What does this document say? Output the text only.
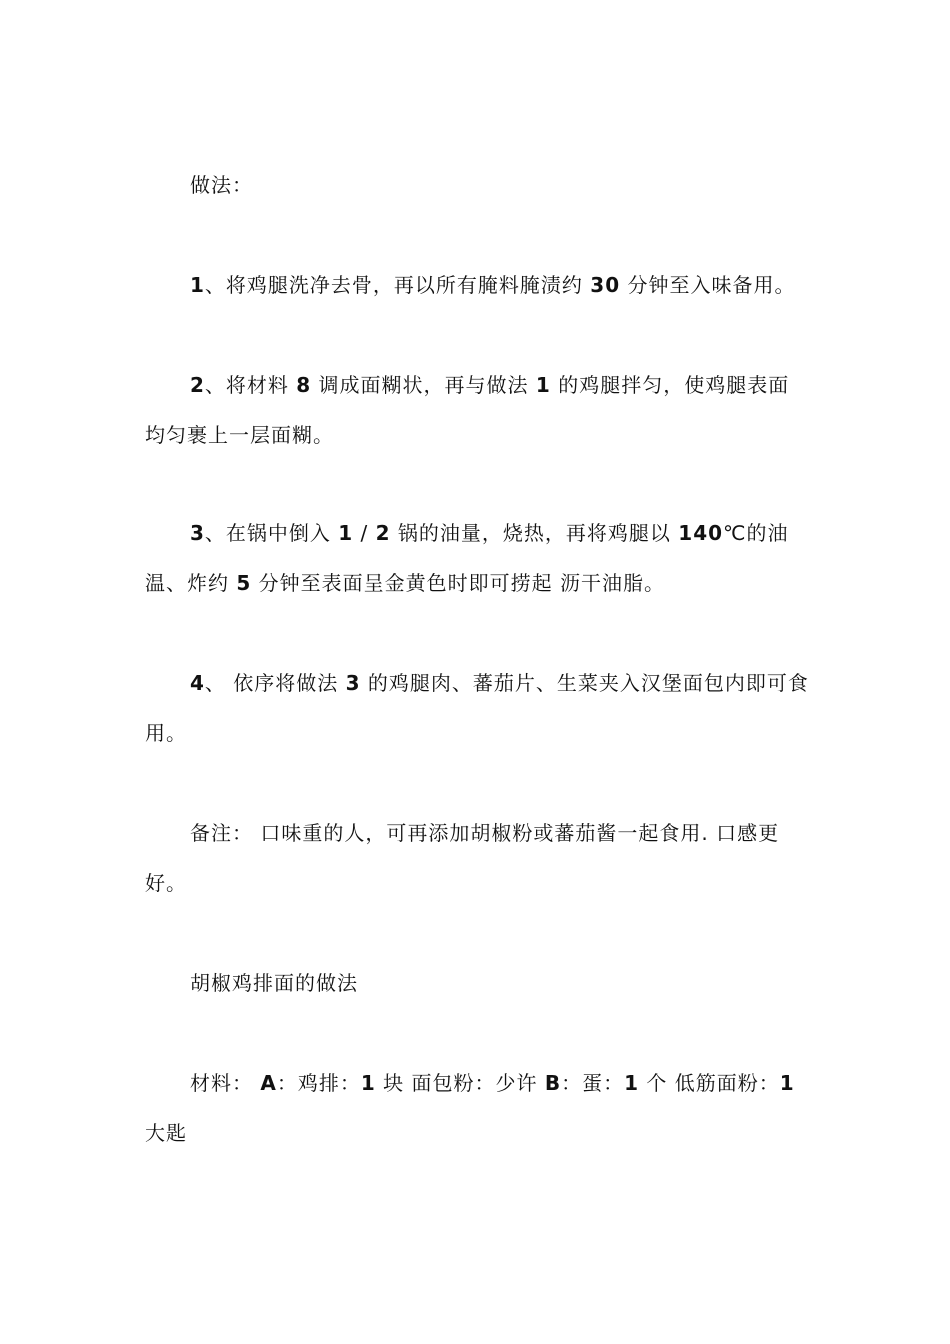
做法：

1、将鸡腿洗净去骨，再以所有腌料腌渍约 30 分钟至入味备用。

2、将材料 8 调成面糊状，再与做法 1 的鸡腿拌匀，使鸡腿表面均匀裹上一层面糊。

3、在锅中倒入 1 / 2 锅的油量，烧热，再将鸡腿以 140℃的油温、炸约 5 分钟至表面呈金黄色时即可捞起 沥干油脂。

4、 依序将做法 3 的鸡腿肉、蕃茄片、生菜夹入汉堡面包内即可食用。

备注： 口味重的人，可再添加胡椒粉或蕃茄酱一起食用. 口感更好。

胡椒鸡排面的做法

材料： A：鸡排：1 块 面包粉：少许 B：蛋：1 个 低筋面粉：1 大匙
